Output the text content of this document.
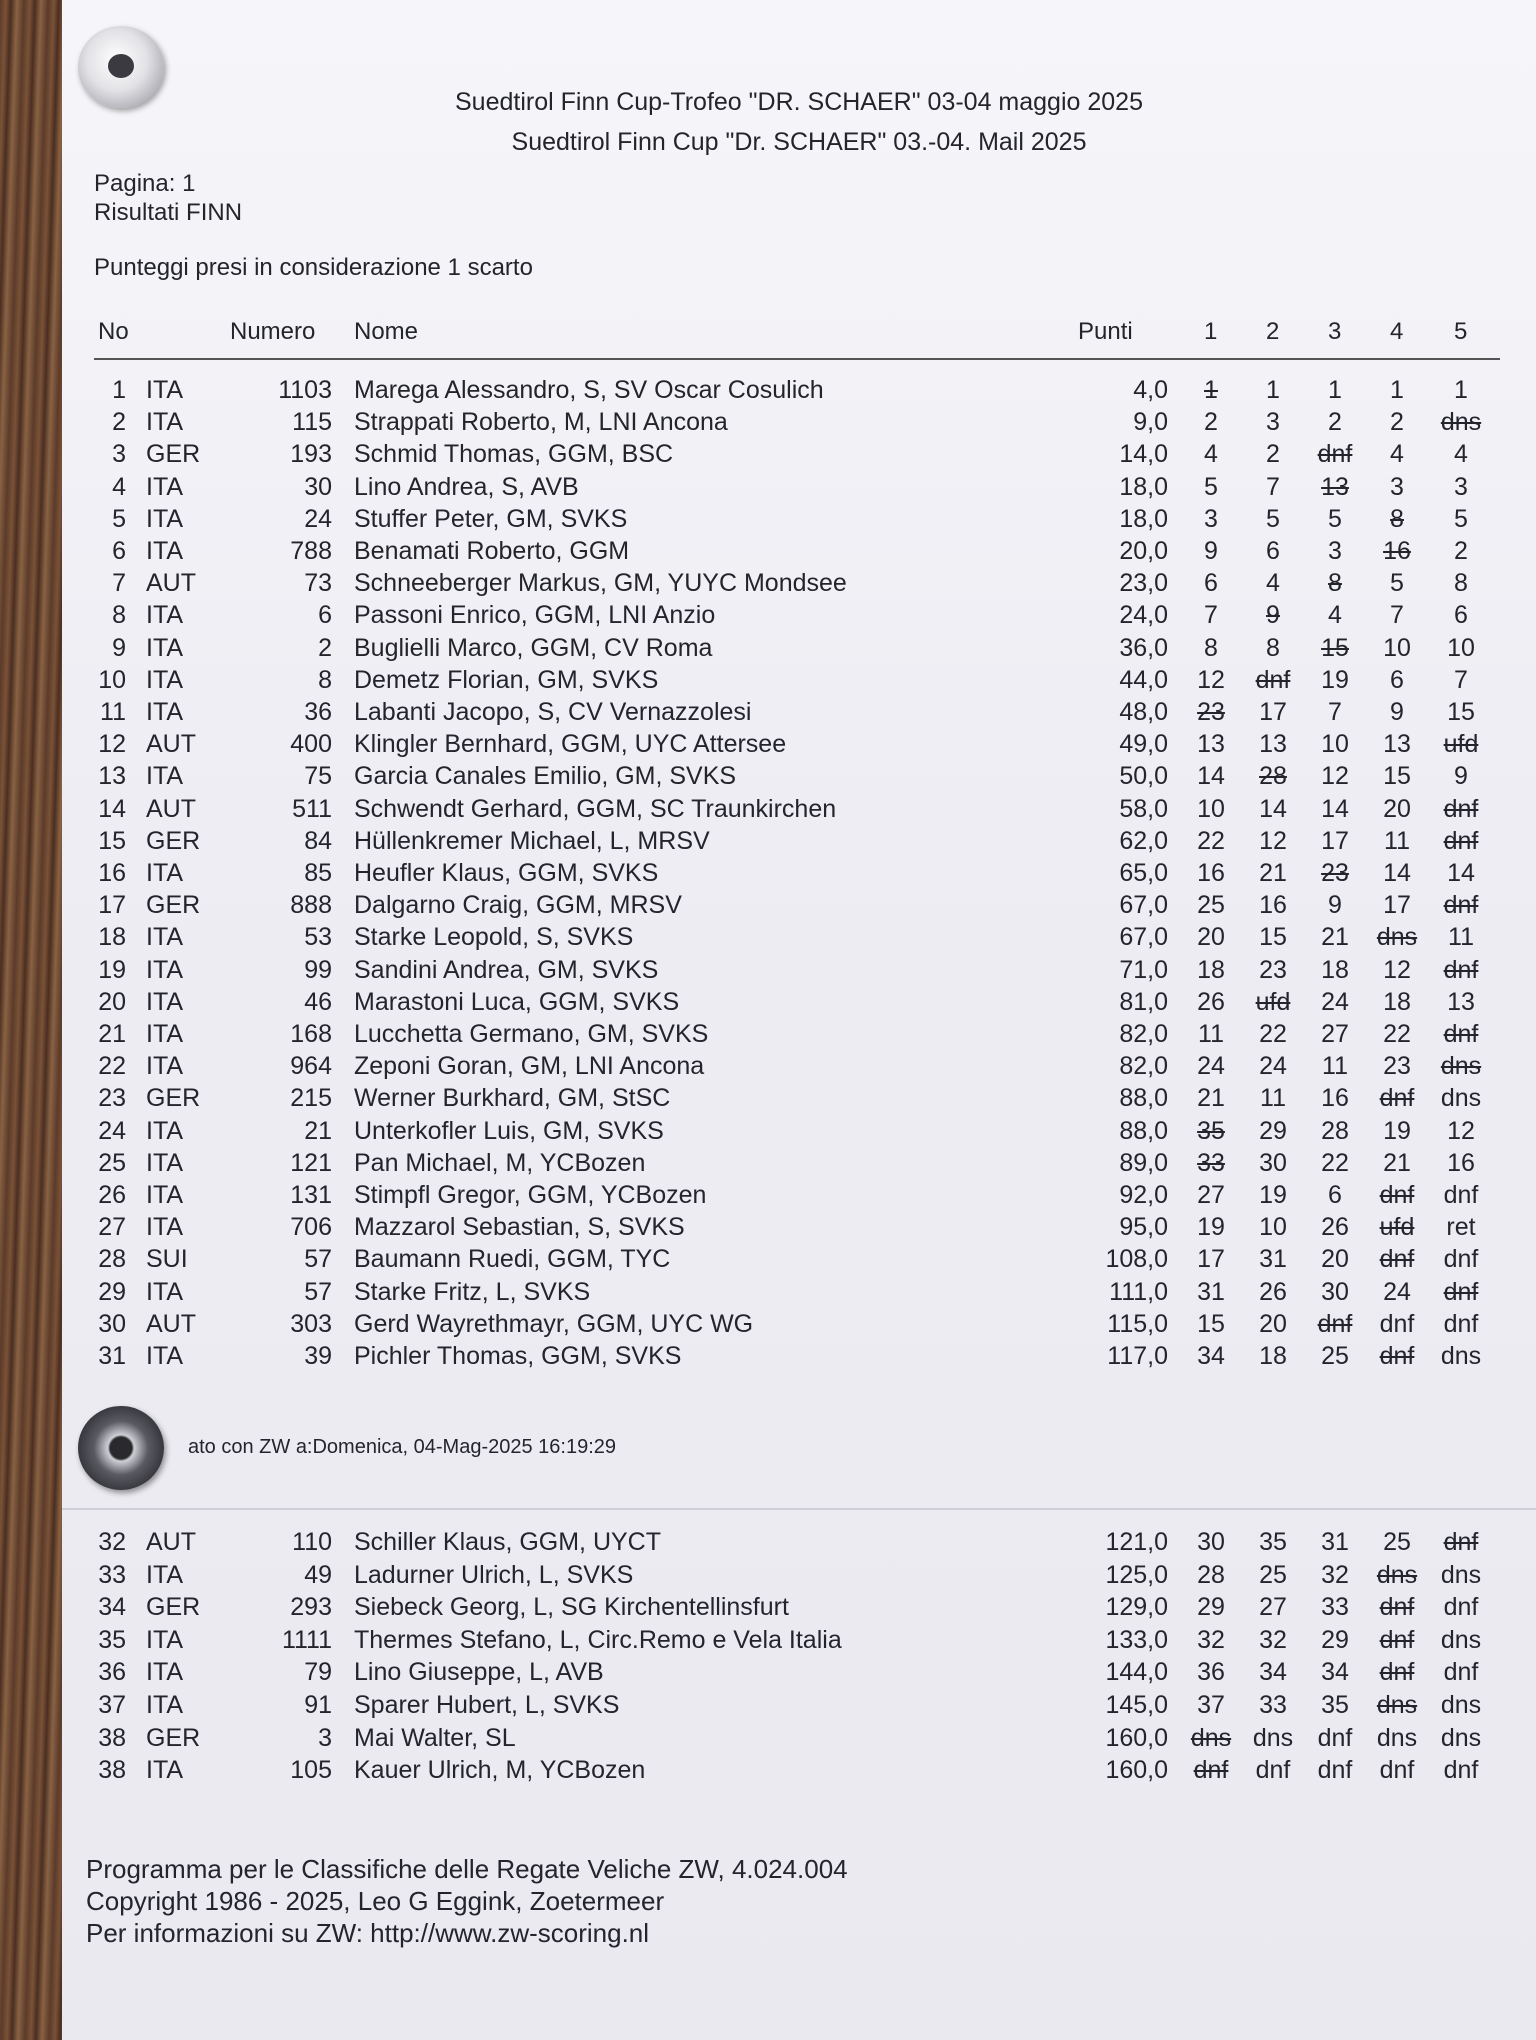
Suedtirol Finn Cup-Trofeo "DR. SCHAER" 03-04 maggio 2025
Suedtirol Finn Cup "Dr. SCHAER" 03.-04. Mail 2025
Pagina: 1
Risultati FINN
Punteggi presi in considerazione 1 scarto
No	Numero Nome	Punti	1 2 3 4 5
1 ITA	1103 Marega Alessandro, S, SV Oscar Cosulich	4,0	1	1	1	1	1
2 ITA	115 Strappati Roberto, M, LNI Ancona	9,0	2	3	2	2	dns
3 GER	193 Schmid Thomas, GGM, BSC	14,0	4	2	dnf	4	4
4 ITA	30 Lino Andrea, S, AVB	18,0	5	7	13	3	3
5 ITA	24 Stuffer Peter, GM, SVKS	18,0	3	5	5	8	5
6 ITA	788 Benamati Roberto, GGM	20,0	9	6	3	16	2
7 AUT	73 Schneeberger Markus, GM, YUYC Mondsee	23,0	6	4	8	5	8
8 ITA	6 Passoni Enrico, GGM, LNI Anzio	24,0	7	9	4	7	6
9 ITA	2 Buglielli Marco, GGM, CV Roma	36,0	8	8	15	10	10
10 ITA	8 Demetz Florian, GM, SVKS	44,0	12	dnf	19	6	7
11 ITA	36 Labanti Jacopo, S, CV Vernazzolesi	48,0	23	17	7	9	15
12 AUT	400 Klingler Bernhard, GGM, UYC Attersee	49,0	13	13	10	13	ufd
13 ITA	75 Garcia Canales Emilio, GM, SVKS	50,0	14	28	12	15	9
14 AUT	511 Schwendt Gerhard, GGM, SC Traunkirchen	58,0	10	14	14	20	dnf
15 GER	84 Hüllenkremer Michael, L, MRSV	62,0	22	12	17	11	dnf
16 ITA	85 Heufler Klaus, GGM, SVKS	65,0	16	21	23	14	14
17 GER	888 Dalgarno Craig, GGM, MRSV	67,0	25	16	9	17	dnf
18 ITA	53 Starke Leopold, S, SVKS	67,0	20	15	21	dns	11
19 ITA	99 Sandini Andrea, GM, SVKS	71,0	18	23	18	12	dnf
20 ITA	46 Marastoni Luca, GGM, SVKS	81,0	26	ufd	24	18	13
21 ITA	168 Lucchetta Germano, GM, SVKS	82,0	11	22	27	22	dnf
22 ITA	964 Zeponi Goran, GM, LNI Ancona	82,0	24	24	11	23	dns
23 GER	215 Werner Burkhard, GM, StSC	88,0	21	11	16	dnf	dns
24 ITA	21 Unterkofler Luis, GM, SVKS	88,0	35	29	28	19	12
25 ITA	121 Pan Michael, M, YCBozen	89,0	33	30	22	21	16
26 ITA	131 Stimpfl Gregor, GGM, YCBozen	92,0	27	19	6	dnf	dnf
27 ITA	706 Mazzarol Sebastian, S, SVKS	95,0	19	10	26	ufd	ret
28 SUI	57 Baumann Ruedi, GGM, TYC	108,0	17	31	20	dnf	dnf
29 ITA	57 Starke Fritz, L, SVKS	111,0	31	26	30	24	dnf
30 AUT	303 Gerd Wayrethmayr, GGM, UYC WG	115,0	15	20	dnf	dnf	dnf
31 ITA	39 Pichler Thomas, GGM, SVKS	117,0	34	18	25	dnf	dns
32 AUT	110 Schiller Klaus, GGM, UYCT	121,0	30	35	31	25	dnf
33 ITA	49 Ladurner Ulrich, L, SVKS	125,0	28	25	32	dns dns
34 GER	293 Siebeck Georg, L, SG Kirchentellinsfurt	129,0	29	27	33	dnf	dnf
35 ITA	1111 Thermes Stefano, L, Circ.Remo e Vela Italia	133,0	32	32	29	dnf	dns
36 ITA	79 Lino Giuseppe, L, AVB	144,0	36	34	34	dnf	dnf
37 ITA	91 Sparer Hubert, L, SVKS	145,0	37	33	35	dns dns
38 GER	3 Mai Walter, SL	160,0 dns dns dnf dns dns
38 ITA	105 Kauer Ulrich, M, YCBozen	160,0	dnf	dnf	dnf	dnf	dnf
ato con ZW a:Domenica, 04-Mag-2025 16:19:29
Programma per le Classifiche delle Regate Veliche ZW, 4.024.004
Copyright 1986 - 2025, Leo G Eggink, Zoetermeer
Per informazioni su ZW: http://www.zw-scoring.nl
